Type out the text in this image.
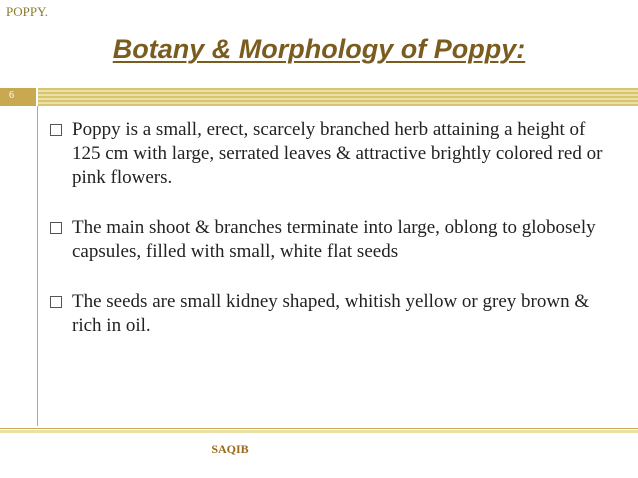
POPPY.
Botany & Morphology of Poppy:
6
Poppy is a small, erect, scarcely branched herb attaining a height of 125 cm with large, serrated leaves & attractive brightly colored red or pink flowers.
The main shoot & branches terminate into large, oblong to globosely capsules, filled with small, white flat seeds
The seeds are small kidney shaped, whitish yellow or grey brown & rich in oil.
SAQIB
